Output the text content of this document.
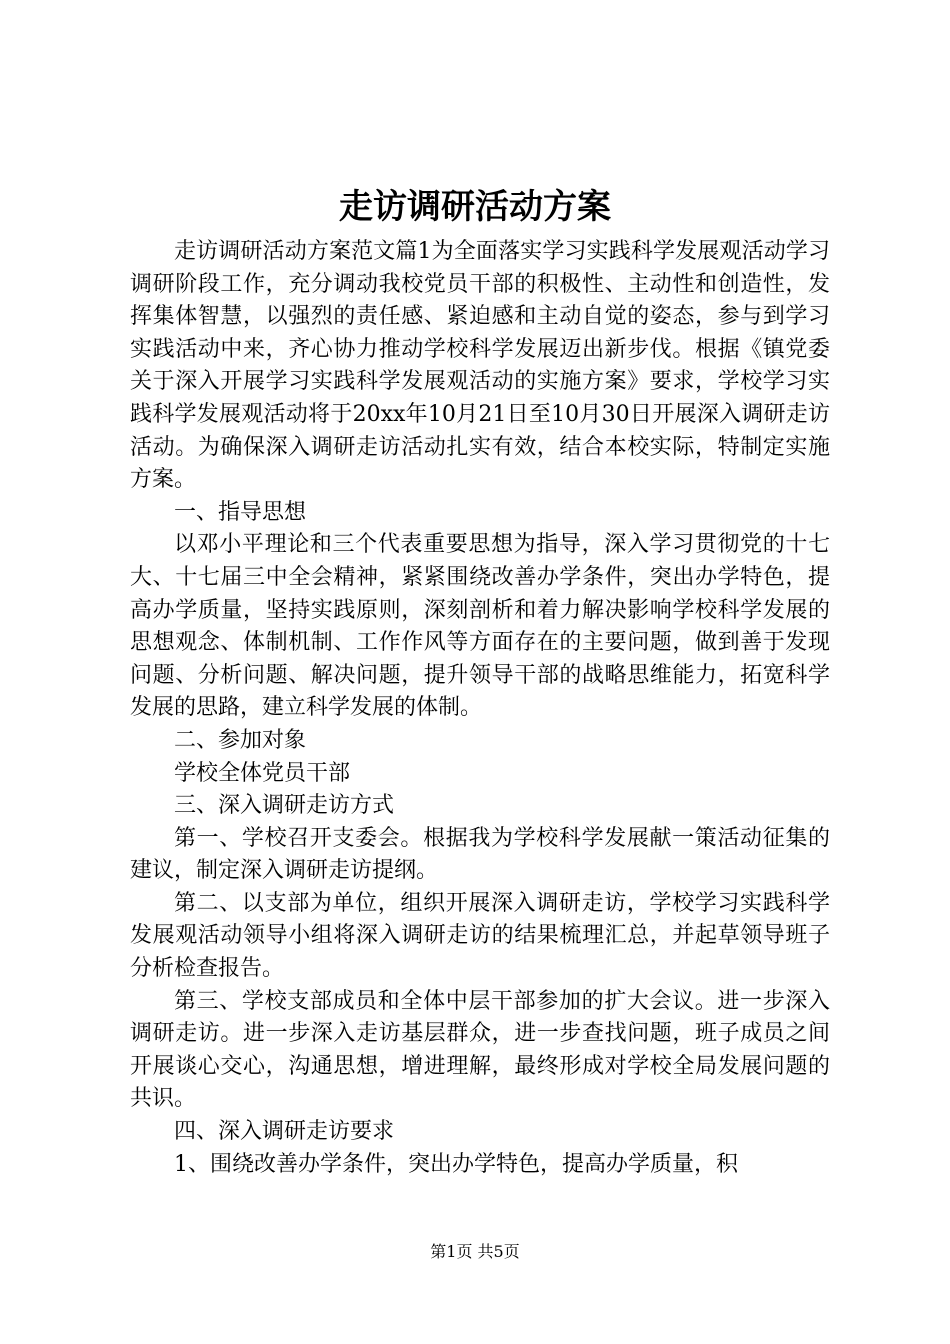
走访调研活动方案

走访调研活动方案范文篇1为全面落实学习实践科学发展观活动学习调研阶段工作，充分调动我校党员干部的积极性、主动性和创造性，发挥集体智慧，以强烈的责任感、紧迫感和主动自觉的姿态，参与到学习实践活动中来，齐心协力推动学校科学发展迈出新步伐。根据《镇党委关于深入开展学习实践科学发展观活动的实施方案》要求，学校学习实践科学发展观活动将于20xx年10月21日至10月30日开展深入调研走访活动。为确保深入调研走访活动扎实有效，结合本校实际，特制定实施方案。

一、指导思想

以邓小平理论和三个代表重要思想为指导，深入学习贯彻党的十七大、十七届三中全会精神，紧紧围绕改善办学条件，突出办学特色，提高办学质量，坚持实践原则，深刻剖析和着力解决影响学校科学发展的思想观念、体制机制、工作作风等方面存在的主要问题，做到善于发现问题、分析问题、解决问题，提升领导干部的战略思维能力，拓宽科学发展的思路，建立科学发展的体制。

二、参加对象

学校全体党员干部

三、深入调研走访方式

第一、学校召开支委会。根据我为学校科学发展献一策活动征集的建议，制定深入调研走访提纲。

第二、以支部为单位，组织开展深入调研走访，学校学习实践科学发展观活动领导小组将深入调研走访的结果梳理汇总，并起草领导班子分析检查报告。

第三、学校支部成员和全体中层干部参加的扩大会议。进一步深入调研走访。进一步深入走访基层群众，进一步查找问题，班子成员之间开展谈心交心，沟通思想，增进理解，最终形成对学校全局发展问题的共识。

四、深入调研走访要求

1、围绕改善办学条件，突出办学特色，提高办学质量，积

第1页 共5页
